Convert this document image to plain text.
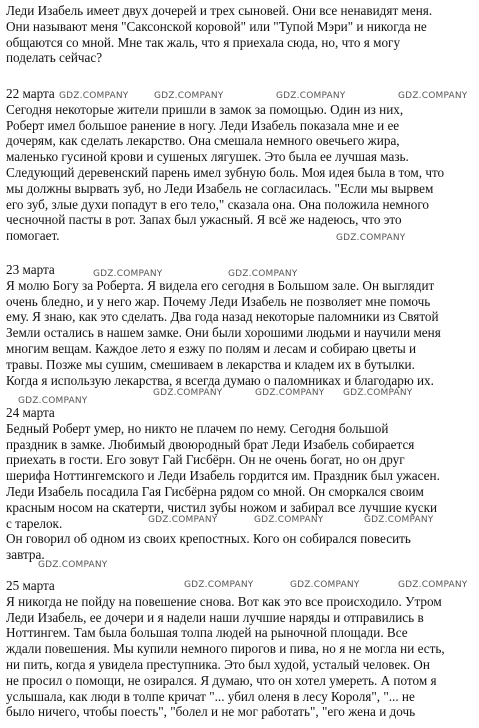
Леди Изабель имеет двух дочерей и трех сыновей. Они все ненавидят меня.
Они называют меня "Саксонской коровой" или "Тупой Мэри" и никогда не
общаются со мной. Мне так жаль, что я приехала сюда, но, что я могу
поделать сейчас?
22 марта
Сегодня некоторые жители пришли в замок за помощью. Один из них,
Роберт имел большое ранение в ногу. Леди Изабель показала мне и ее
дочерям, как сделать лекарство. Она смешала немного овечьего жира,
маленько гусиной крови и сушеных лягушек. Это была ее лучшая мазь.
Следующий деревенский парень имел зубную боль. Моя идея была в том, что
мы должны вырвать зуб, но Леди Изабель не согласилась. "Если мы вырвем
его зуб, злые духи попадут в его тело," сказала она. Она положила немного
чесночной пасты в рот. Запах был ужасный. Я всё же надеюсь, что это
помогает.
23 марта
Я молю Богу за Роберта. Я видела его сегодня в Большом зале. Он выглядит
очень бледно, и у него жар. Почему Леди Изабель не позволяет мне помочь
ему. Я знаю, как это сделать. Два года назад некоторые паломники из Святой
Земли остались в нашем замке. Они были хорошими людьми и научили меня
многим вещам. Каждое лето я езжу по полям и лесам и собираю цветы и
травы. Позже мы сушим, смешиваем в лекарства и кладем их в бутылки.
Когда я использую лекарства, я всегда думаю о паломниках и благодарю их.
24 марта
Бедный Роберт умер, но никто не плачем по нему. Сегодня большой
праздник в замке. Любимый двоюродный брат Леди Изабель собирается
приехать в гости. Его зовут Гай Гисбёрн. Он не очень богат, но он друг
шерифа Ноттингемского и Леди Изабель гордится им. Праздник был ужасен.
Леди Изабель посадила Гая Гисбёрна рядом со мной. Он сморкался своим
красным носом на скатерти, чистил зубы ножом и забирал все лучшие куски
с тарелок.
Он говорил об одном из своих крепостных. Кого он собирался повесить
завтра.
25 марта
Я никогда не пойду на повешение снова. Вот как это все происходило. Утром
Леди Изабель, ее дочери и я надели наши лучшие наряды и отправились в
Ноттингем. Там была большая толпа людей на рыночной площади. Все
ждали повешения. Мы купили немного пирогов и пива, но я не могла ни есть,
ни пить, когда я увидела преступника. Это был худой, усталый человек. Он
не просил о помощи, не озирался. Я думаю, что он хотел умереть. А потом я
услышала, как люди в толпе кричат "... убил оленя в лесу Короля", "... не
было ничего, чтобы поесть", "болел и не мог работать", "его жена и дочь
GDZ.COMPANY	GDZ.COMPANY	GDZ.COMPANY	GDZ.COMPANY
GDZ.COMPANY
GDZ.COMPANY	GDZ.COMPANY
GDZ.COMPANY
GDZ.COMPANY	GDZ.COMPANY GDZ.COMPANY
GDZ.COMPANY	GDZ.COMPANY	GDZ.COMPANY
GDZ.COMPANY
GDZ.COMPANY	GDZ.COMPANY	GDZ.COMPANY
